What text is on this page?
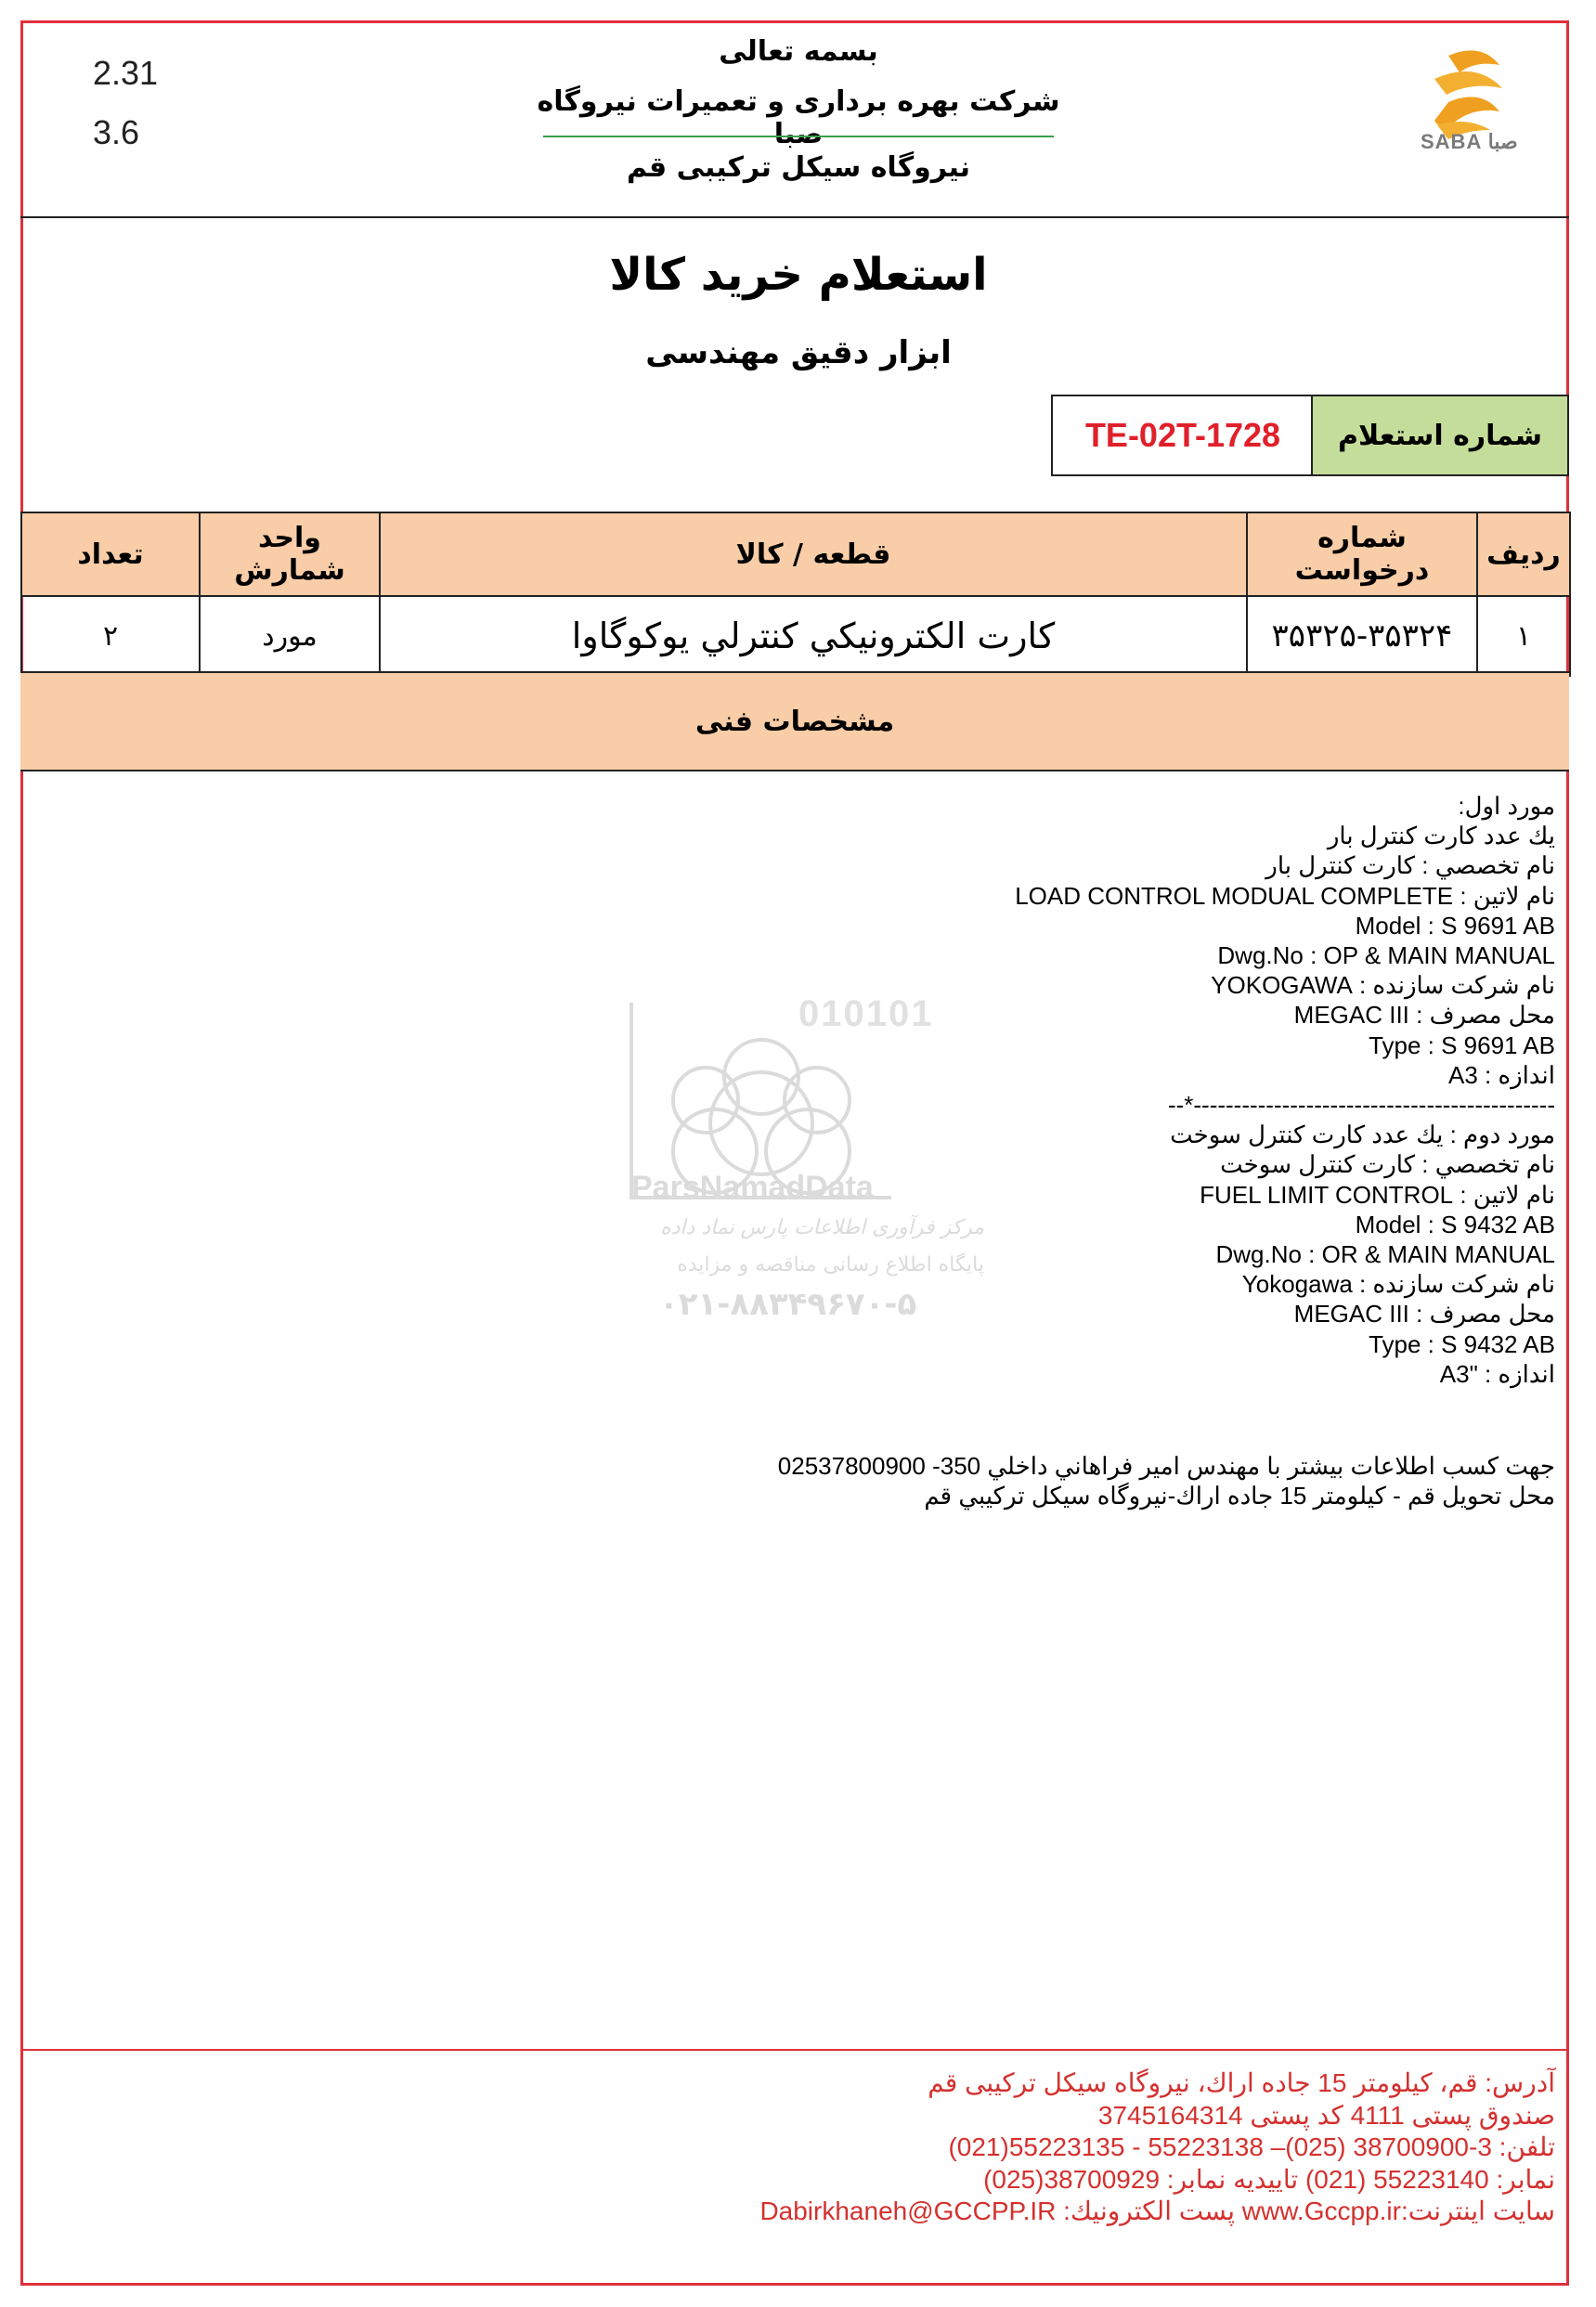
2.31
3.6
بسمه تعالی
شرکت بهره برداری و تعمیرات نیروگاه صبا
نیروگاه سیکل ترکیبی قم
SABA صبا
استعلام خرید کالا
ابزار دقیق مهندسی
TE-02T-1728 شماره استعلام
ردیف	شماره درخواست	قطعه / کالا	واحد شمارش	تعداد
۱	۳۵۳۲۵-۳۵۳۲۴	کارت الکترونيکي کنترلي يوکوگاوا	مورد	۲
مشخصات فنی
010101
ParsNamadData
مرکز فرآوری اطلاعات پارس نماد داده
پایگاه اطلاع رسانی مناقصه و مزایده
۰۲۱-۸۸۳۴۹۶۷۰-۵
مورد اول:
يك عدد كارت كنترل بار
نام تخصصي : كارت كنترل بار
نام لاتين : LOAD CONTROL MODUAL COMPLETE
Model : S 9691 AB
Dwg.No : OP & MAIN MANUAL
نام شركت سازنده : YOKOGAWA
محل مصرف : MEGAC III
Type : S 9691 AB
اندازه : A3
---------------------------------------------*--
مورد دوم : يك عدد كارت كنترل سوخت
نام تخصصي : كارت كنترل سوخت
نام لاتين : FUEL LIMIT CONTROL
Model : S 9432 AB
Dwg.No : OR & MAIN MANUAL
نام شركت سازنده : Yokogawa
محل مصرف : MEGAC III
Type : S 9432 AB
اندازه : "A3
جهت كسب اطلاعات بيشتر با مهندس امير فراهاني داخلي 350- 02537800900
محل تحويل قم - كيلومتر 15 جاده اراك-نيروگاه سيكل تركيبي قم
آدرس: قم، كيلومتر 15 جاده اراك، نيروگاه سيكل تركيبى قم
صندوق پستى 4111 كد پستى 3745164314
تلفن: 3-38700900 (025)– 55223138 - 55223135(021)
نمابر: 55223140 (021) تاييديه نمابر: 38700929(025)
سايت اينترنت:www.Gccpp.ir پست الكترونيك: Dabirkhaneh@GCCPP.IR
